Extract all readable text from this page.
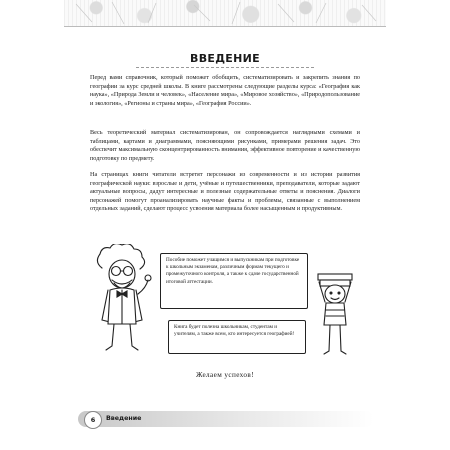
ВВЕДЕНИЕ

Перед вами справочник, который поможет обобщить, систематизировать и закрепить знания по географии за курс средней школы. В книге рассмотрены следующие разделы курса: «География как наука», «Природа Земли и человек», «Население мира», «Мировое хозяйство», «Природопользование и экология», «Регионы и страны мира», «География России».

Весь теоретический материал систематизирован, он сопровождается наглядными схемами и таблицами, картами и диаграммами, поясняющими рисунками, примерами решения задач. Это обеспечит максимальную сконцентрированность внимания, эффективное повторение и качественную подготовку по предмету.

На страницах книги читатели встретят персонажи из современности и из истории развития географической науки: взрослые и дети, учёные и путешественники, преподаватели, которые задают актуальные вопросы, дадут интересные и полезные содержательные ответы и пояснения. Диалоги персонажей помогут проанализировать научные факты и проблемы, связанные с выполнением отдельных заданий, сделают процесс усвоения материала более насыщенным и продуктивным.

Пособие поможет учащимся и выпускникам при подготовке к школьным экзаменам, различным формам текущего и промежуточного контроля, а также к сдаче государственной итоговой аттестации.
Книга будет полезна школьникам, студентам и учителям, а также всем, кто интересуется географией!
Желаем успехов!
6	Введение
